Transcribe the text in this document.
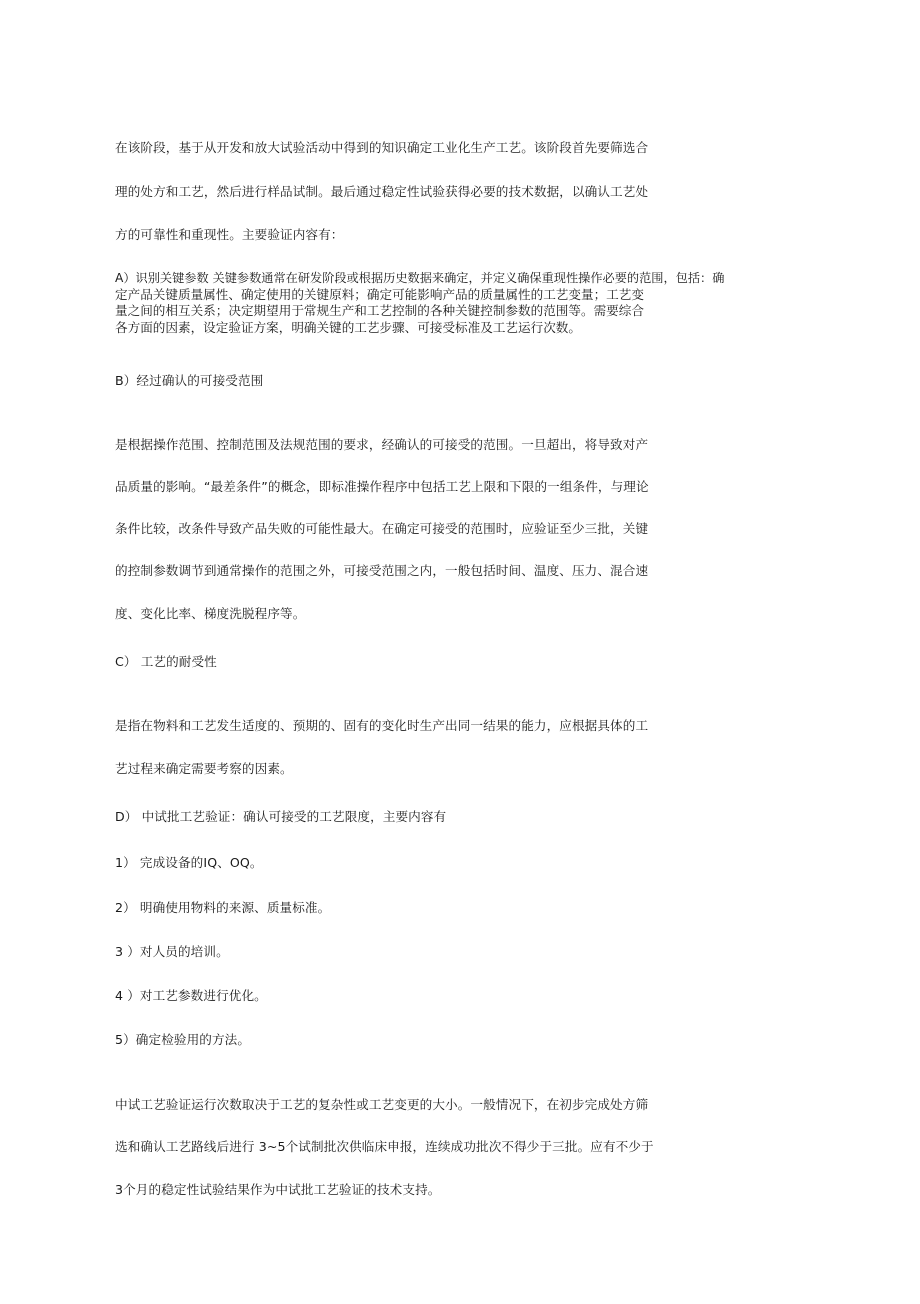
在该阶段，基于从开发和放大试验活动中得到的知识确定工业化生产工艺。该阶段首先要筛选合
理的处方和工艺，然后进行样品试制。最后通过稳定性试验获得必要的技术数据，以确认工艺处
方的可靠性和重现性。主要验证内容有：
A）识别关键参数 关键参数通常在研发阶段或根据历史数据来确定，并定义确保重现性操作必要的范围，包括：确
定产品关键质量属性、确定使用的关键原料；确定可能影响产品的质量属性的工艺变量；工艺变
量之间的相互关系；决定期望用于常规生产和工艺控制的各种关键控制参数的范围等。需要综合
各方面的因素，设定验证方案，明确关键的工艺步骤、可接受标准及工艺运行次数。
B）经过确认的可接受范围
是根据操作范围、控制范围及法规范围的要求，经确认的可接受的范围。一旦超出，将导致对产
品质量的影响。“最差条件”的概念，即标准操作程序中包括工艺上限和下限的一组条件，与理论
条件比较，改条件导致产品失败的可能性最大。在确定可接受的范围时，应验证至少三批，关键
的控制参数调节到通常操作的范围之外，可接受范围之内，一般包括时间、温度、压力、混合速
度、变化比率、梯度洗脱程序等。
C） 工艺的耐受性
是指在物料和工艺发生适度的、预期的、固有的变化时生产出同一结果的能力，应根据具体的工
艺过程来确定需要考察的因素。
D） 中试批工艺验证：确认可接受的工艺限度，主要内容有
1） 完成设备的IQ、OQ。
2） 明确使用物料的来源、质量标准。
3 ）对人员的培训。
4 ）对工艺参数进行优化。
5）确定检验用的方法。
中试工艺验证运行次数取决于工艺的复杂性或工艺变更的大小。一般情况下，在初步完成处方筛
选和确认工艺路线后进行 3~5个试制批次供临床申报，连续成功批次不得少于三批。应有不少于
3个月的稳定性试验结果作为中试批工艺验证的技术支持。
